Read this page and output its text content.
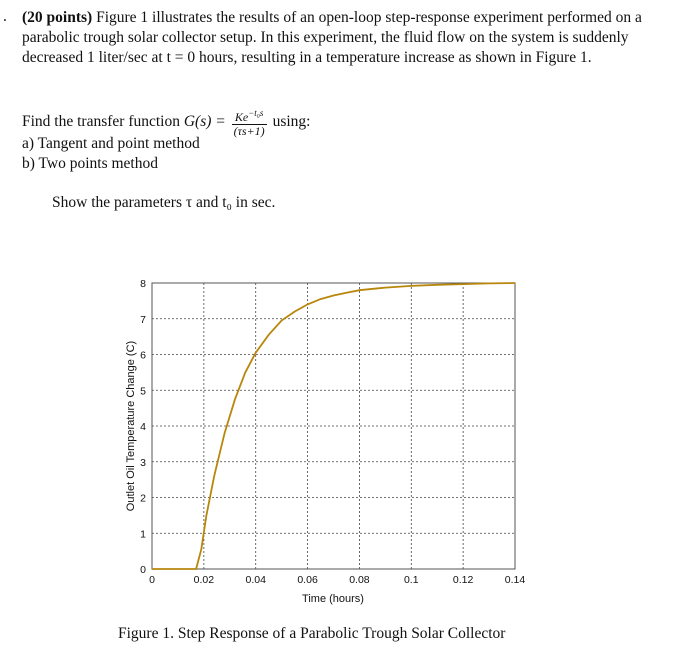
. (20 points) Figure 1 illustrates the results of an open-loop step-response experiment performed on a parabolic trough solar collector setup. In this experiment, the fluid flow on the system is suddenly decreased 1 liter/sec at t = 0 hours, resulting in a temperature increase as shown in Figure 1.
Find the transfer function $G(s) = \frac{Ke^{-t_0s}}{(\tau s+1)} using$:
a) Tangent and point method
b) Two points method
Show the parameters τ and t₀ in sec.
0	0.02	0.04	0.06	0.08	0.1	0.12	0.14
0
1
2
3
4
5
6
7
8
Time (hours)
Outlet Oil Temperature Change (C)
Figure 1. Step Response of a Parabolic Trough Solar Collector
